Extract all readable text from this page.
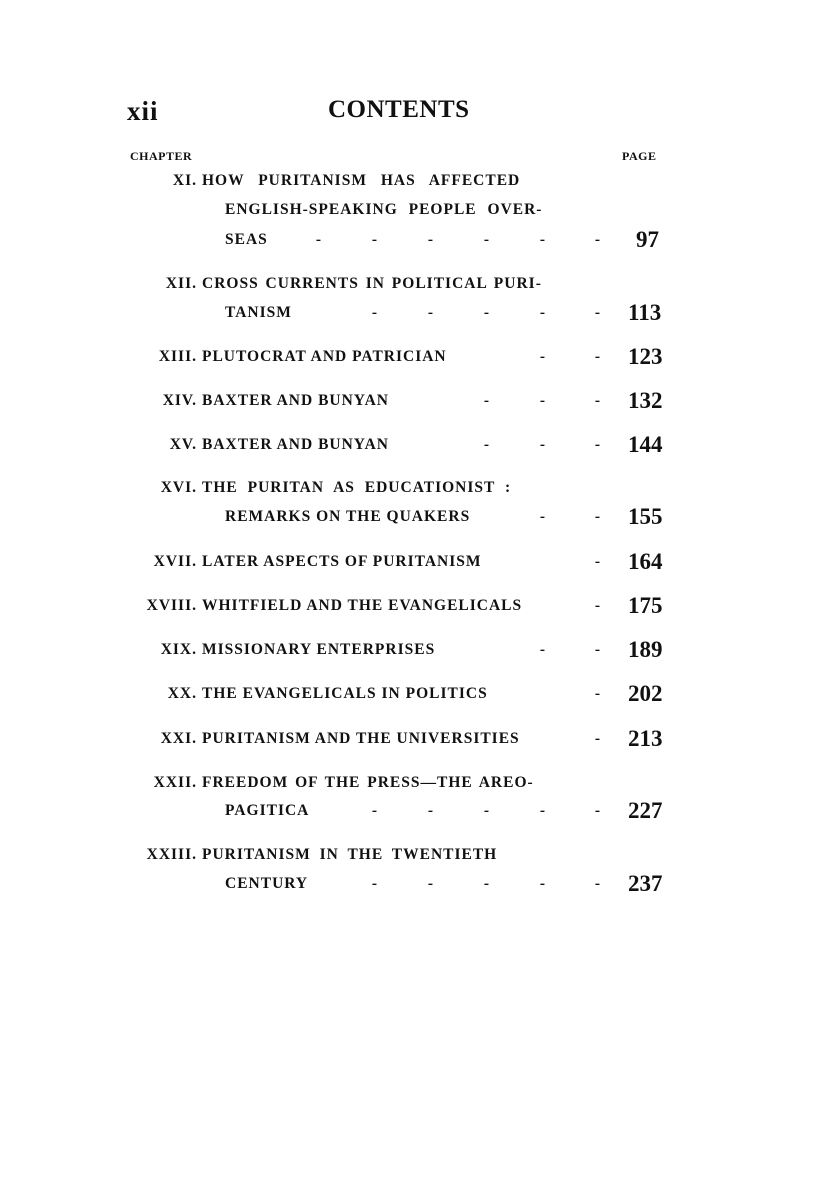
xii	CONTENTS
CHAPTER	PAGE
XI. HOW PURITANISM HAS AFFECTED
ENGLISH-SPEAKING PEOPLE OVER-
SEAS	-	-	-	-	-	- 97
XII. CROSS CURRENTS IN POLITICAL PURI-
TANISM	-	-	-	-	- 113
XIII. PLUTOCRAT AND PATRICIAN	-	- 123
XIV. BAXTER AND BUNYAN	-	-	- 132
XV. BAXTER AND BUNYAN	-	-	- 144
XVI. THE PURITAN AS EDUCATIONIST :
REMARKS ON THE QUAKERS	-	- 155
XVII. LATER ASPECTS OF PURITANISM	- 164
XVIII. WHITFIELD AND THE EVANGELICALS	- 175
XIX. MISSIONARY ENTERPRISES	-	- 189
XX. THE EVANGELICALS IN POLITICS	- 202
XXI. PURITANISM AND THE UNIVERSITIES	- 213
XXII. FREEDOM OF THE PRESS—THE AREO-
PAGITICA	-	-	-	-	- 227
XXIII. PURITANISM IN THE TWENTIETH
CENTURY	-	-	-	-	- 237
